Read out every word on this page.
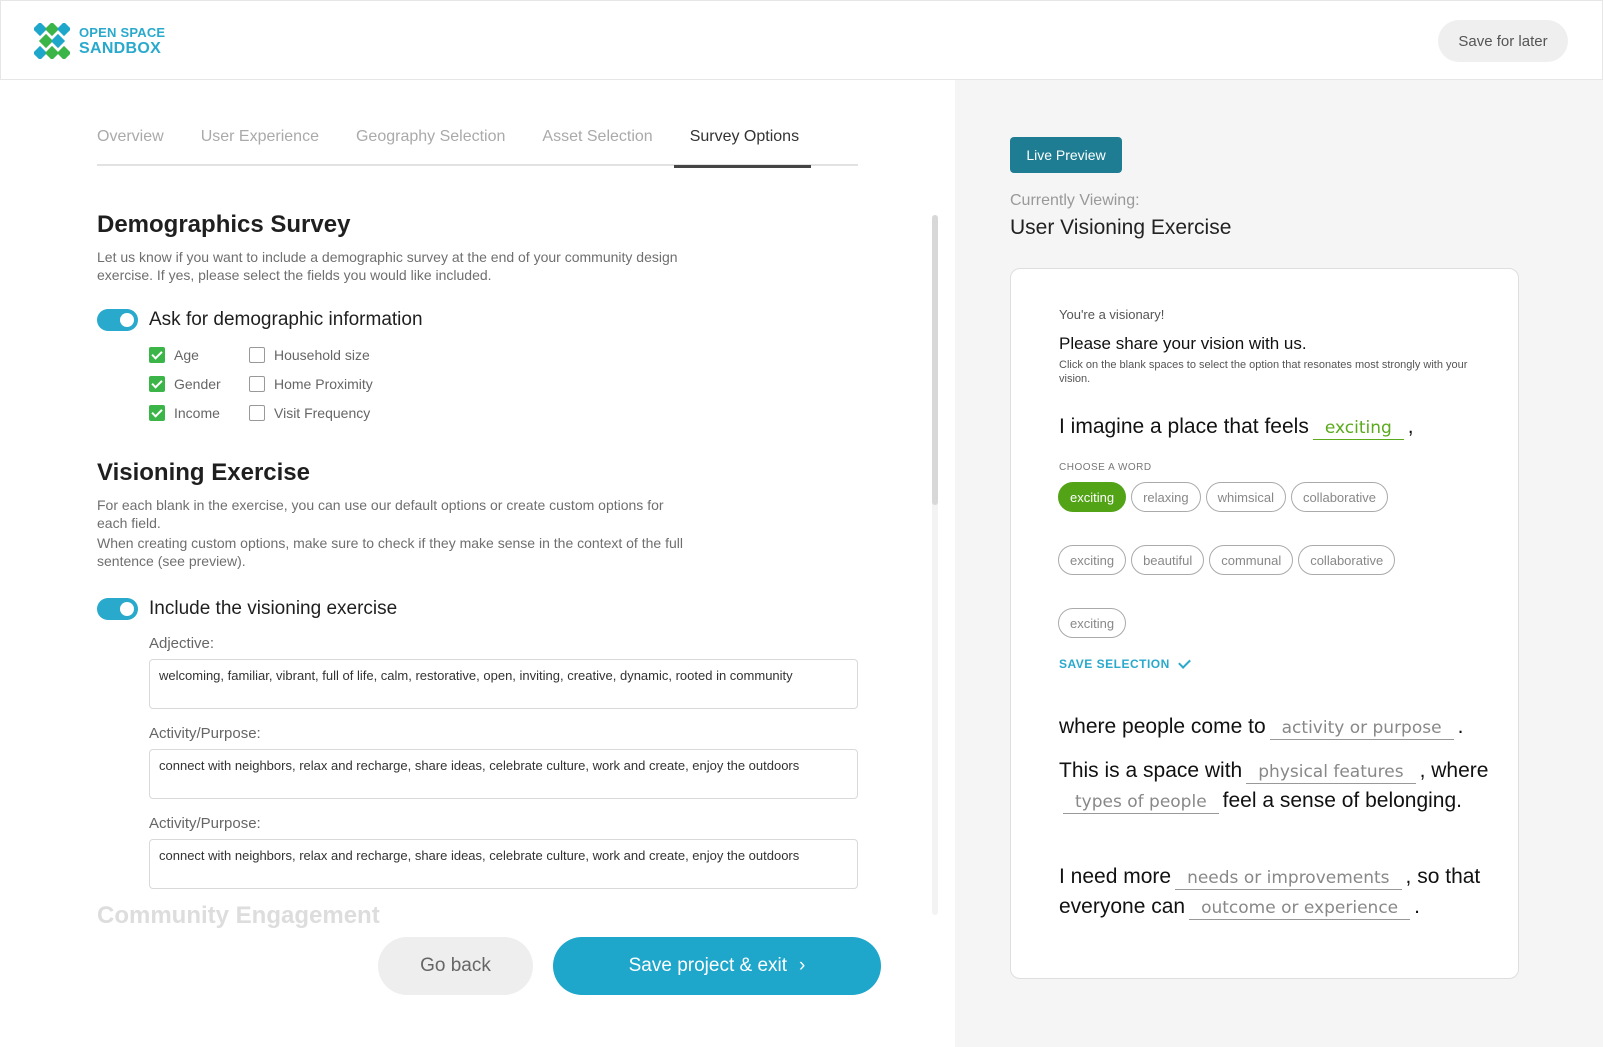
OPEN SPACE
SANDBOX	Save for later
Overview User Experience Geography Selection Asset Selection Survey Options
Demographics Survey
Let us know if you want to include a demographic survey at the end of your community design exercise. If yes, please select the fields you would like included.
Ask for demographic information
Age	Household size
Gender	Home Proximity
Income	Visit Frequency
Visioning Exercise
For each blank in the exercise, you can use our default options or create custom options for each field.
When creating custom options, make sure to check if they make sense in the context of the full sentence (see preview).
Include the visioning exercise
Adjective:
welcoming, familiar, vibrant, full of life, calm, restorative, open, inviting, creative, dynamic, rooted in community
Activity/Purpose:
connect with neighbors, relax and recharge, share ideas, celebrate culture, work and create, enjoy the outdoors
Activity/Purpose:
connect with neighbors, relax and recharge, share ideas, celebrate culture, work and create, enjoy the outdoors
Community Engagement
Go back	Save project & exit ›
Live Preview
Currently Viewing:
User Visioning Exercise
You're a visionary!
Please share your vision with us.
Click on the blank spaces to select the option that resonates most strongly with your vision.
I imagine a place that feels exciting ,
CHOOSE A WORD
exciting	relaxing	whimsical	collaborative
exciting	beautiful	communal	collaborative
exciting
SAVE SELECTION
where people come to activity or purpose .
This is a space with physical features , wheretypes of people feel a sense of belonging.
I need more needs or improvements , so that everyone can outcome or experience .
